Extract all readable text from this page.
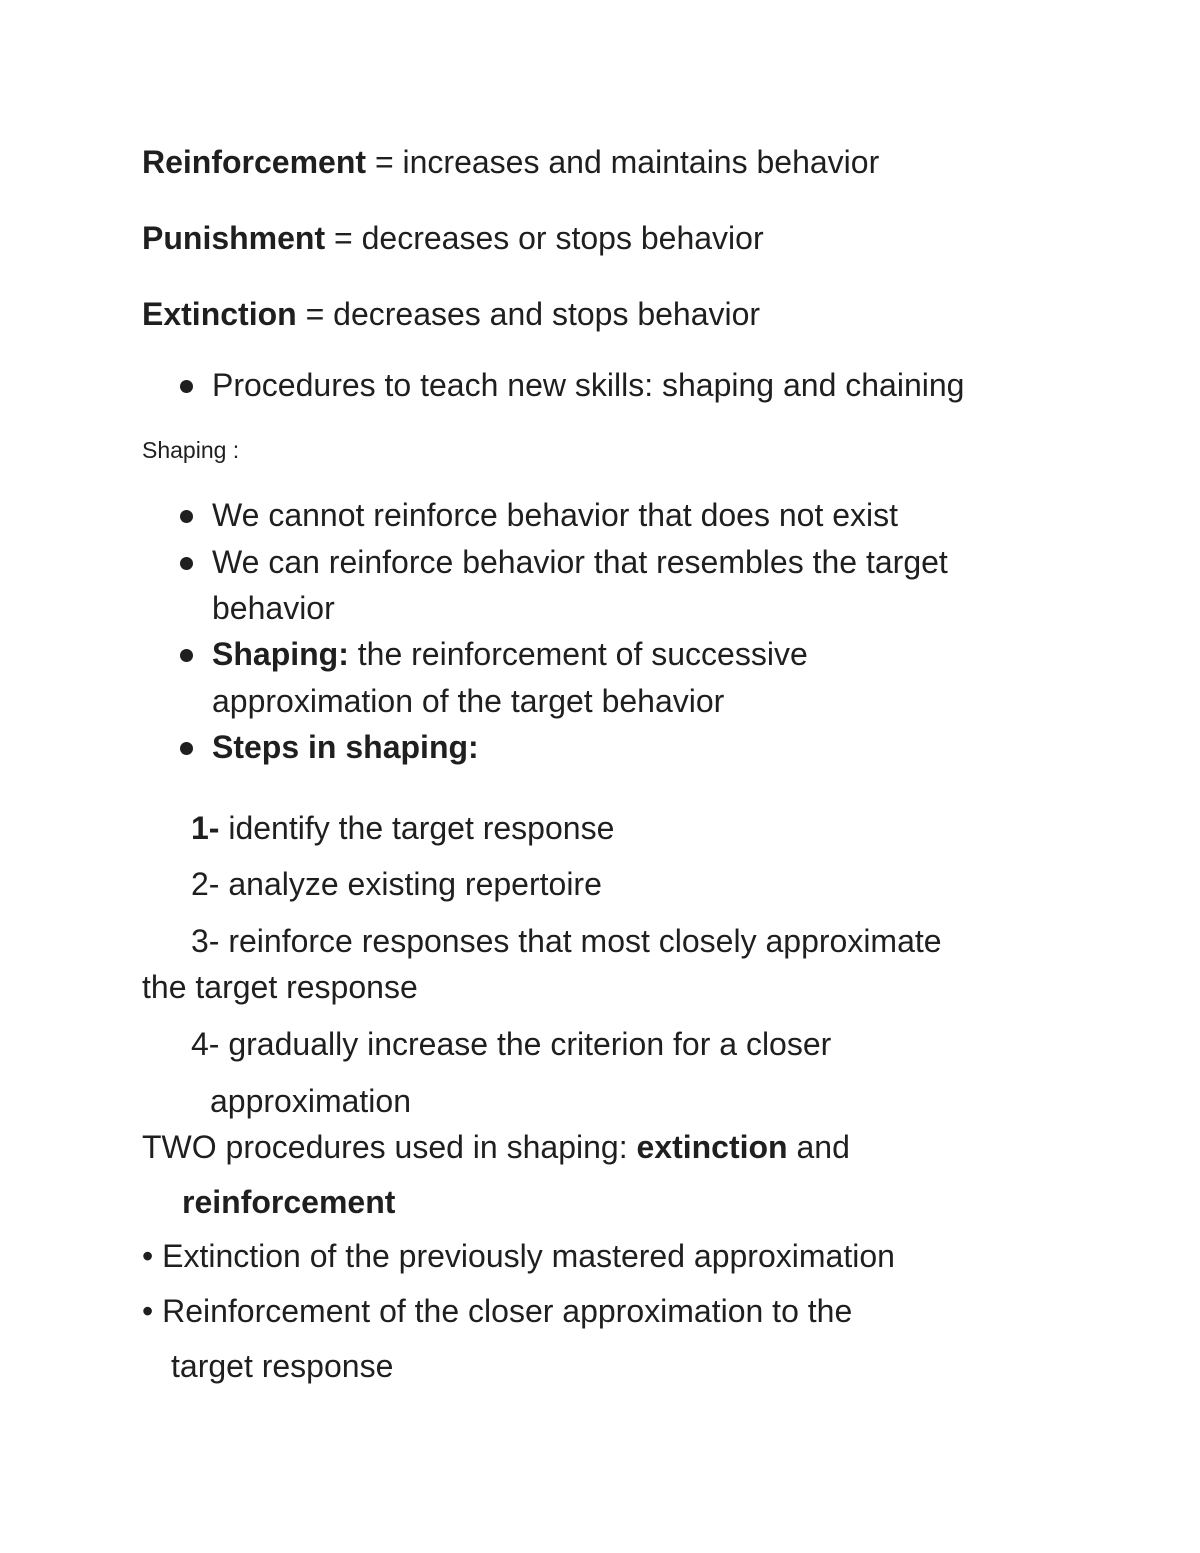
Reinforcement = increases and maintains behavior
Punishment = decreases or stops behavior
Extinction = decreases and stops behavior
Procedures to teach new skills: shaping and chaining
Shaping :
We cannot reinforce behavior that does not exist
We can reinforce behavior that resembles the target
behavior
Shaping: the reinforcement of successive
approximation of the target behavior
Steps in shaping:
1- identify the target response
2- analyze existing repertoire
3- reinforce responses that most closely approximate
the target response
4- gradually increase the criterion for a closer
approximation
TWO procedures used in shaping: extinction and
reinforcement
• Extinction of the previously mastered approximation
• Reinforcement of the closer approximation to the
target response
